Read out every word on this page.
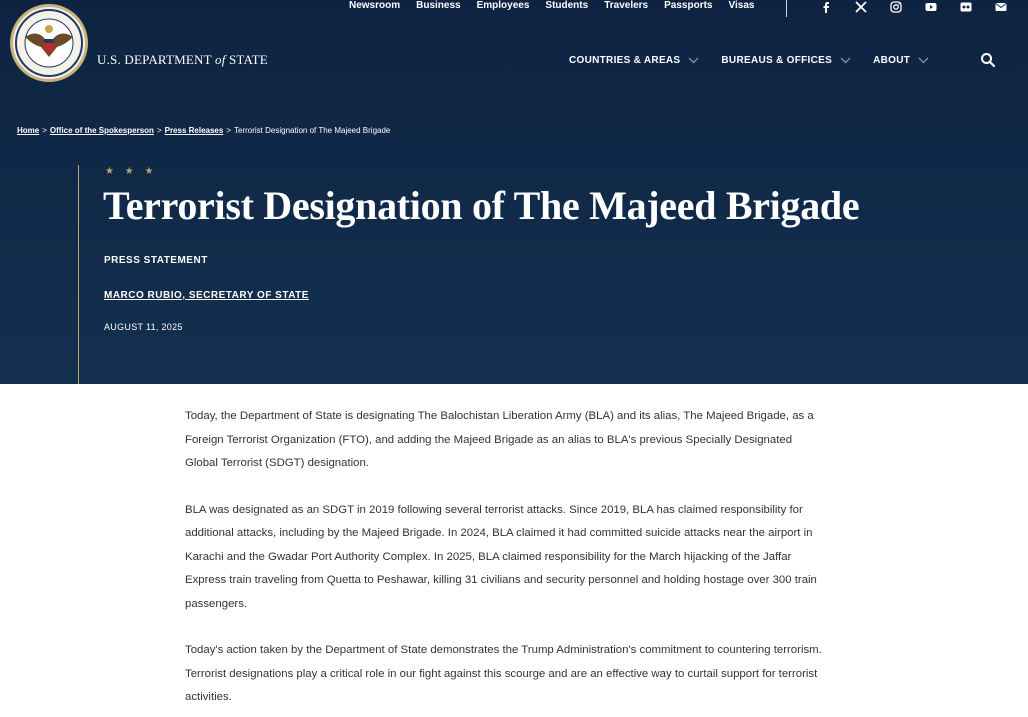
U.S. DEPARTMENT of STATE
Newsroom Business Employees Students Travelers Passports Visas
COUNTRIES & AREAS	BUREAUS & OFFICES	ABOUT
Home > Office of the Spokesperson > Press Releases > Terrorist Designation of The Majeed Brigade
★ ★ ★
Terrorist Designation of The Majeed Brigade
PRESS STATEMENT
MARCO RUBIO, SECRETARY OF STATE
AUGUST 11, 2025

Today, the Department of State is designating The Balochistan Liberation Army (BLA) and its alias, The Majeed Brigade, as a Foreign Terrorist Organization (FTO), and adding the Majeed Brigade as an alias to BLA's previous Specially Designated Global Terrorist (SDGT) designation.

BLA was designated as an SDGT in 2019 following several terrorist attacks. Since 2019, BLA has claimed responsibility for additional attacks, including by the Majeed Brigade. In 2024, BLA claimed it had committed suicide attacks near the airport in Karachi and the Gwadar Port Authority Complex. In 2025, BLA claimed responsibility for the March hijacking of the Jaffar Express train traveling from Quetta to Peshawar, killing 31 civilians and security personnel and holding hostage over 300 train passengers.

Today's action taken by the Department of State demonstrates the Trump Administration's commitment to countering terrorism. Terrorist designations play a critical role in our fight against this scourge and are an effective way to curtail support for terrorist activities.
